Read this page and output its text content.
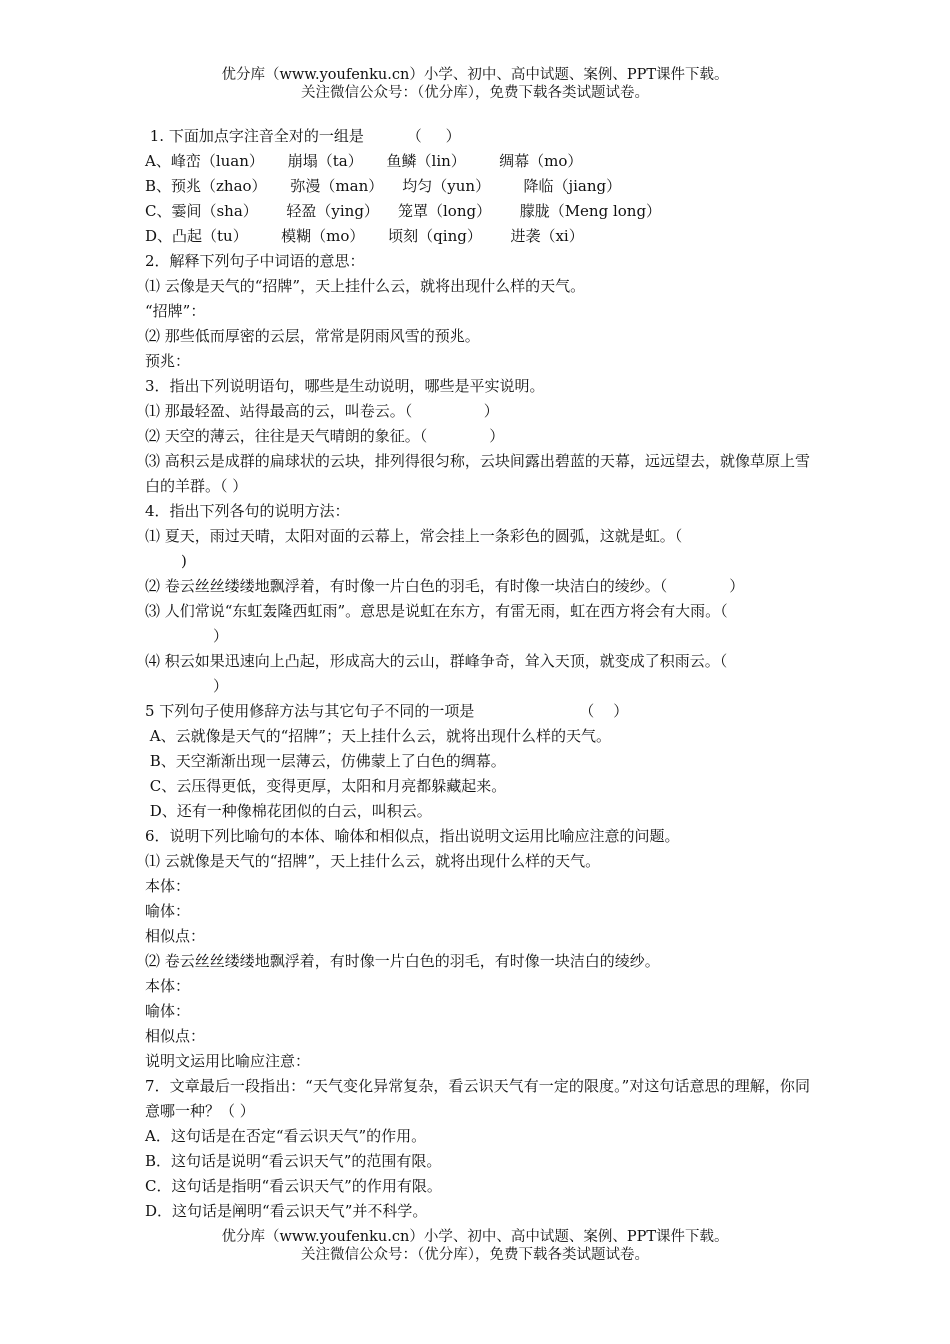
优分库（www.youfenku.cn）小学、初中、高中试题、案例、PPT课件下载。
关注微信公众号：（优分库），免费下载各类试题试卷。
1. 下面加点字注音全对的一组是         （     ）
A、峰峦（luan）     崩塌（ta）     鱼鳞（lin）       绸幕（mo）
B、预兆（zhao）     弥漫（man）    均匀（yun）       降临（jiang）
C、霎间（sha）      轻盈（ying）    笼罩（long）      朦胧（Meng long）
D、凸起（tu）       模糊（mo）     顷刻（qing）      进袭（xi）
2．解释下列句子中词语的意思：
⑴ 云像是天气的“招牌”，天上挂什么云，就将出现什么样的天气。
“招牌”：
⑵ 那些低而厚密的云层，常常是阴雨风雪的预兆。
预兆：
3．指出下列说明语句，哪些是生动说明，哪些是平实说明。
⑴ 那最轻盈、站得最高的云，叫卷云。（               ）
⑵ 天空的薄云，往往是天气晴朗的象征。（             ）
⑶ 高积云是成群的扁球状的云块，排列得很匀称，云块间露出碧蓝的天幕，远远望去，就像草原上雪白的羊群。（ ）
4．指出下列各句的说明方法：
⑴ 夏天，雨过天晴，太阳对面的云幕上，常会挂上一条彩色的圆弧，这就是虹。（
)
⑵ 卷云丝丝缕缕地飘浮着，有时像一片白色的羽毛，有时像一块洁白的绫纱。（             ）
⑶ 人们常说“东虹轰隆西虹雨”。意思是说虹在东方，有雷无雨，虹在西方将会有大雨。（
）
⑷ 积云如果迅速向上凸起，形成高大的云山，群峰争奇，耸入天顶，就变成了积雨云。（
）
5 下列句子使用修辞方法与其它句子不同的一项是                      （    ）
A、云就像是天气的“招牌”；天上挂什么云，就将出现什么样的天气。
B、天空渐渐出现一层薄云，仿佛蒙上了白色的绸幕。
C、云压得更低，变得更厚，太阳和月亮都躲藏起来。
D、还有一种像棉花团似的白云，叫积云。
6．说明下列比喻句的本体、喻体和相似点，指出说明文运用比喻应注意的问题。
⑴ 云就像是天气的“招牌”，天上挂什么云，就将出现什么样的天气。
本体：
喻体：
相似点：
⑵ 卷云丝丝缕缕地飘浮着，有时像一片白色的羽毛，有时像一块洁白的绫纱。
本体：
喻体：
相似点：
说明文运用比喻应注意：
7．文章最后一段指出：“天气变化异常复杂，看云识天气有一定的限度。”对这句话意思的理解，你同意哪一种？（ ）
A．这句话是在否定“看云识天气”的作用。
B．这句话是说明“看云识天气”的范围有限。
C．这句话是指明“看云识天气”的作用有限。
D．这句话是阐明“看云识天气”并不科学。
优分库（www.youfenku.cn）小学、初中、高中试题、案例、PPT课件下载。
关注微信公众号：（优分库），免费下载各类试题试卷。
